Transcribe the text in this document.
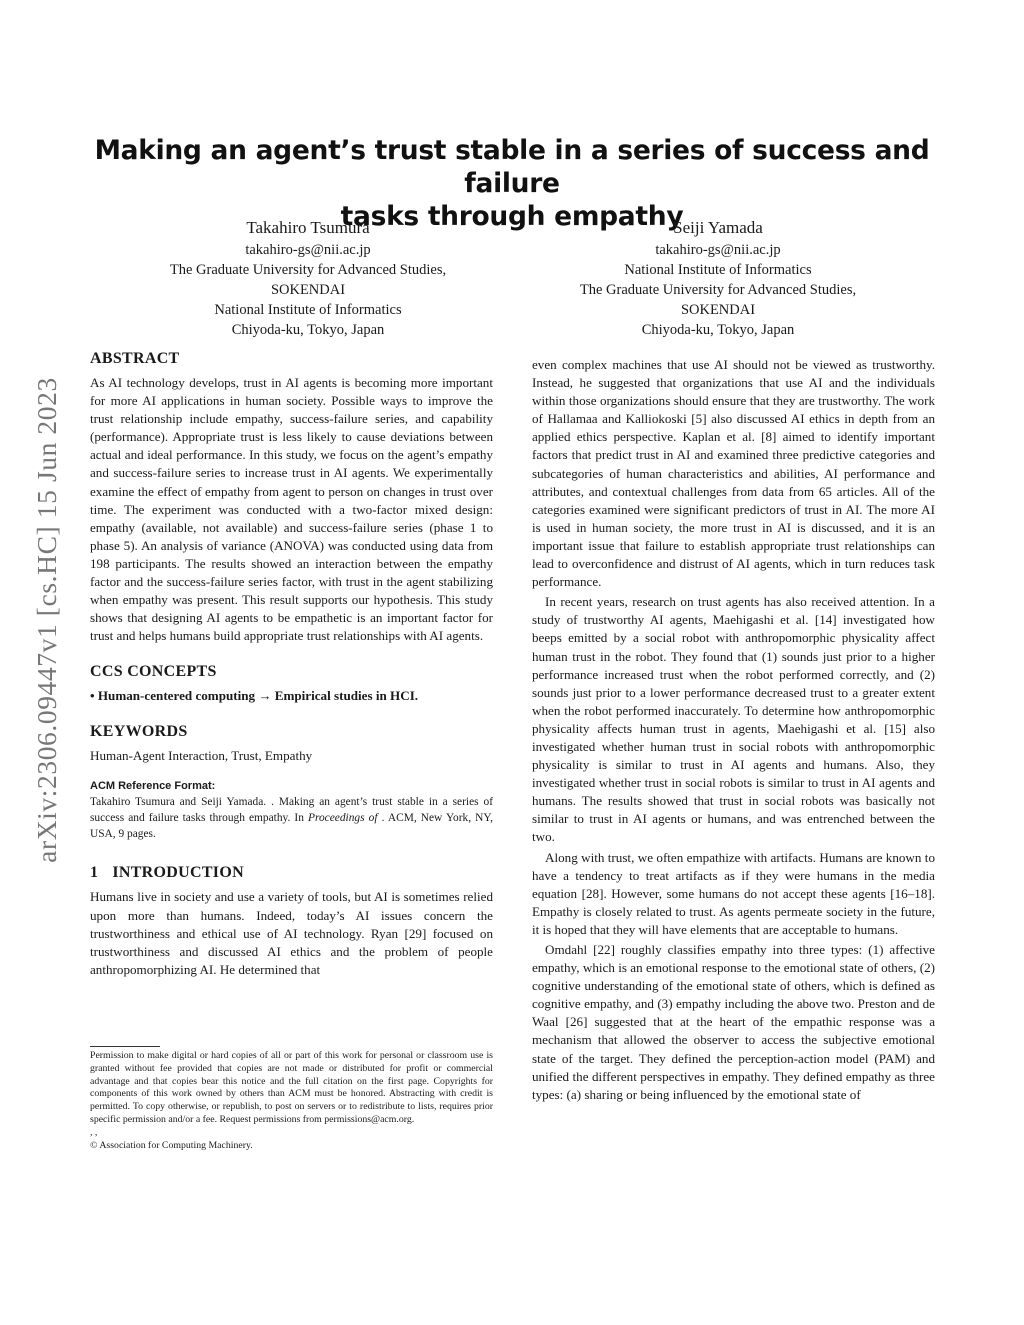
arXiv:2306.09447v1 [cs.HC] 15 Jun 2023
Making an agent’s trust stable in a series of success and failure
tasks through empathy
Takahiro Tsumura
takahiro-gs@nii.ac.jp
The Graduate University for Advanced Studies,
SOKENDAI
National Institute of Informatics
Chiyoda-ku, Tokyo, Japan
Seiji Yamada
takahiro-gs@nii.ac.jp
National Institute of Informatics
The Graduate University for Advanced Studies,
SOKENDAI
Chiyoda-ku, Tokyo, Japan
ABSTRACT

As AI technology develops, trust in AI agents is becoming more important for more AI applications in human society. Possible ways to improve the trust relationship include empathy, success-failure series, and capability (performance). Appropriate trust is less likely to cause deviations between actual and ideal performance. In this study, we focus on the agent’s empathy and success-failure series to increase trust in AI agents. We experimentally examine the effect of empathy from agent to person on changes in trust over time. The experiment was conducted with a two-factor mixed design: empathy (available, not available) and success-failure series (phase 1 to phase 5). An analysis of variance (ANOVA) was conducted using data from 198 participants. The results showed an interaction between the empathy factor and the success-failure series factor, with trust in the agent stabilizing when empathy was present. This result supports our hypothesis. This study shows that designing AI agents to be empathetic is an important factor for trust and helps humans build appropriate trust relationships with AI agents.

CCS CONCEPTS
• Human-centered computing → Empirical studies in HCI.
KEYWORDS
Human-Agent Interaction, Trust, Empathy
ACM Reference Format:
Takahiro Tsumura and Seiji Yamada. . Making an agent’s trust stable in a series of success and failure tasks through empathy. In Proceedings of . ACM, New York, NY, USA, 9 pages.
1 INTRODUCTION

Humans live in society and use a variety of tools, but AI is sometimes relied upon more than humans. Indeed, today’s AI issues concern the trustworthiness and ethical use of AI technology. Ryan [29] focused on trustworthiness and discussed AI ethics and the problem of people anthropomorphizing AI. He determined that

Permission to make digital or hard copies of all or part of this work for personal or classroom use is granted without fee provided that copies are not made or distributed for profit or commercial advantage and that copies bear this notice and the full citation on the first page. Copyrights for components of this work owned by others than ACM must be honored. Abstracting with credit is permitted. To copy otherwise, or republish, to post on servers or to redistribute to lists, requires prior specific permission and/or a fee. Request permissions from permissions@acm.org.
, ,
© Association for Computing Machinery.

even complex machines that use AI should not be viewed as trustworthy. Instead, he suggested that organizations that use AI and the individuals within those organizations should ensure that they are trustworthy. The work of Hallamaa and Kalliokoski [5] also discussed AI ethics in depth from an applied ethics perspective. Kaplan et al. [8] aimed to identify important factors that predict trust in AI and examined three predictive categories and subcategories of human characteristics and abilities, AI performance and attributes, and contextual challenges from data from 65 articles. All of the categories examined were significant predictors of trust in AI. The more AI is used in human society, the more trust in AI is discussed, and it is an important issue that failure to establish appropriate trust relationships can lead to overconfidence and distrust of AI agents, which in turn reduces task performance.

In recent years, research on trust agents has also received attention. In a study of trustworthy AI agents, Maehigashi et al. [14] investigated how beeps emitted by a social robot with anthropomorphic physicality affect human trust in the robot. They found that (1) sounds just prior to a higher performance increased trust when the robot performed correctly, and (2) sounds just prior to a lower performance decreased trust to a greater extent when the robot performed inaccurately. To determine how anthropomorphic physicality affects human trust in agents, Maehigashi et al. [15] also investigated whether human trust in social robots with anthropomorphic physicality is similar to trust in AI agents and humans. Also, they investigated whether trust in social robots is similar to trust in AI agents and humans. The results showed that trust in social robots was basically not similar to trust in AI agents or humans, and was entrenched between the two.

Along with trust, we often empathize with artifacts. Humans are known to have a tendency to treat artifacts as if they were humans in the media equation [28]. However, some humans do not accept these agents [16–18]. Empathy is closely related to trust. As agents permeate society in the future, it is hoped that they will have elements that are acceptable to humans.

Omdahl [22] roughly classifies empathy into three types: (1) affective empathy, which is an emotional response to the emotional state of others, (2) cognitive understanding of the emotional state of others, which is defined as cognitive empathy, and (3) empathy including the above two. Preston and de Waal [26] suggested that at the heart of the empathic response was a mechanism that allowed the observer to access the subjective emotional state of the target. They defined the perception-action model (PAM) and unified the different perspectives in empathy. They defined empathy as three types: (a) sharing or being influenced by the emotional state of
